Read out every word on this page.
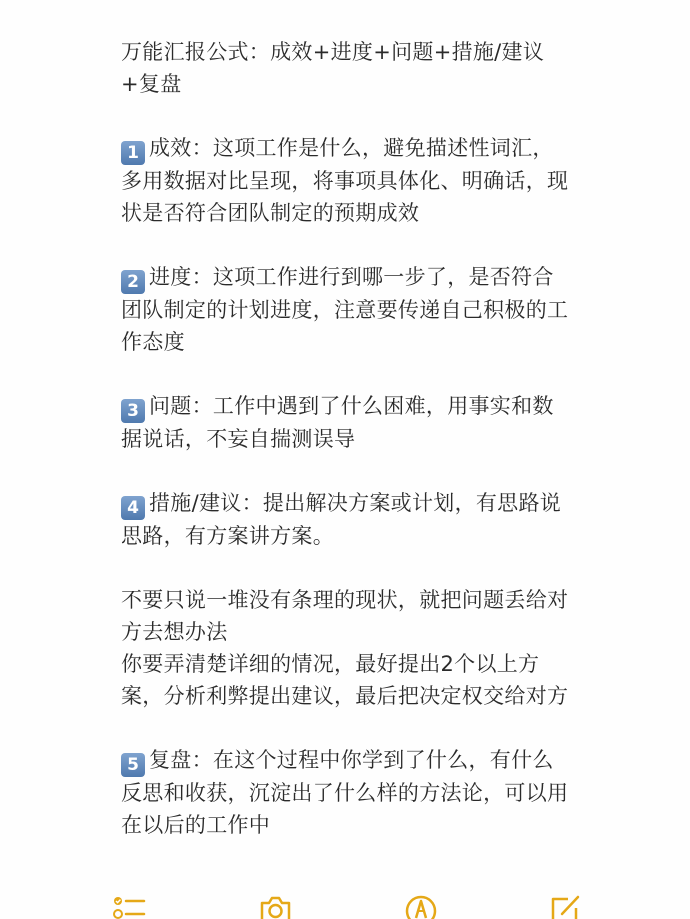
万能汇报公式：成效+进度+问题+措施/建议+复盘

1 成效：这项工作是什么，避免描述性词汇，多用数据对比呈现，将事项具体化、明确话，现状是否符合团队制定的预期成效

2 进度：这项工作进行到哪一步了，是否符合团队制定的计划进度，注意要传递自己积极的工作态度

3 问题：工作中遇到了什么困难，用事实和数据说话，不妄自揣测误导

4 措施/建议：提出解决方案或计划，有思路说思路，有方案讲方案。

不要只说一堆没有条理的现状，就把问题丢给对方去想办法

你要弄清楚详细的情况，最好提出2个以上方案，分析利弊提出建议，最后把决定权交给对方

5 复盘：在这个过程中你学到了什么，有什么反思和收获，沉淀出了什么样的方法论，可以用在以后的工作中
